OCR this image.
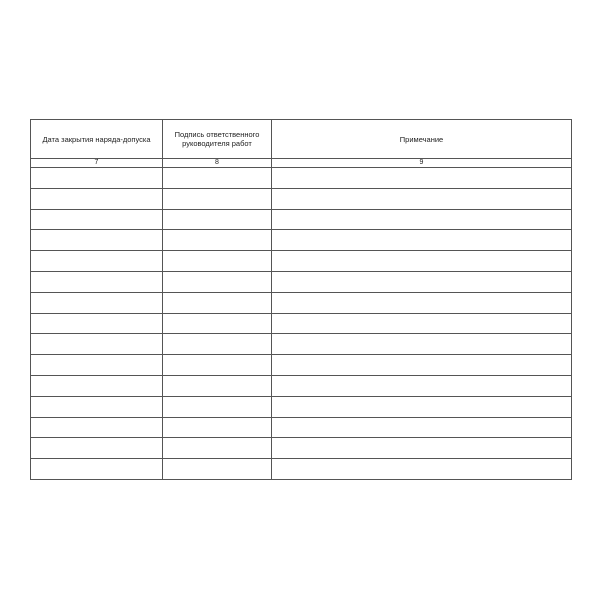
Дата закрытия наряда-допуска	Подпись ответственного руководителя работ	Примечание
7	8	9
